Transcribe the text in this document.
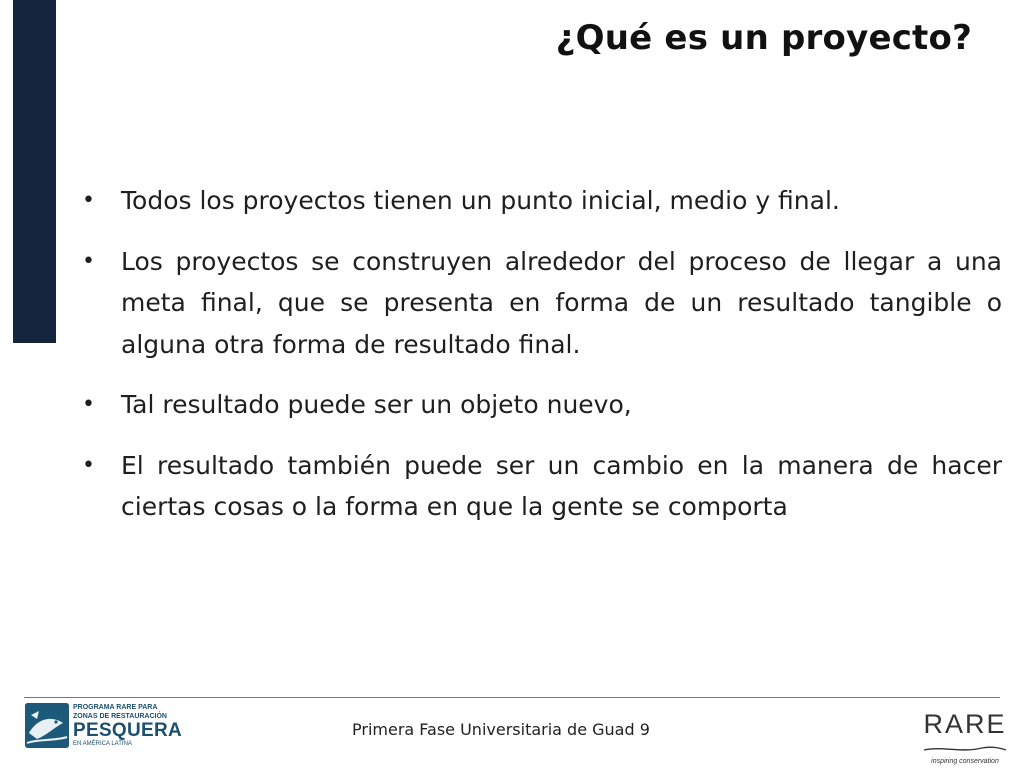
¿Qué es un proyecto?
• Todos los proyectos tienen un punto inicial, medio y final.
• Los proyectos se construyen alrededor del proceso de llegar a una meta final, que se presenta en forma de un resultado tangible o alguna otra forma de resultado final.
• Tal resultado puede ser un objeto nuevo,
• El resultado también puede ser un cambio en la manera de hacer ciertas cosas o la forma en que la gente se comporta
PROGRAMA RARE PARA
ZONAS DE RESTAURACIÓN
PESQUERA
EN AMÉRICA LATINA
Primera Fase Universitaria de Guad 9	RARE
inspiring conservation
